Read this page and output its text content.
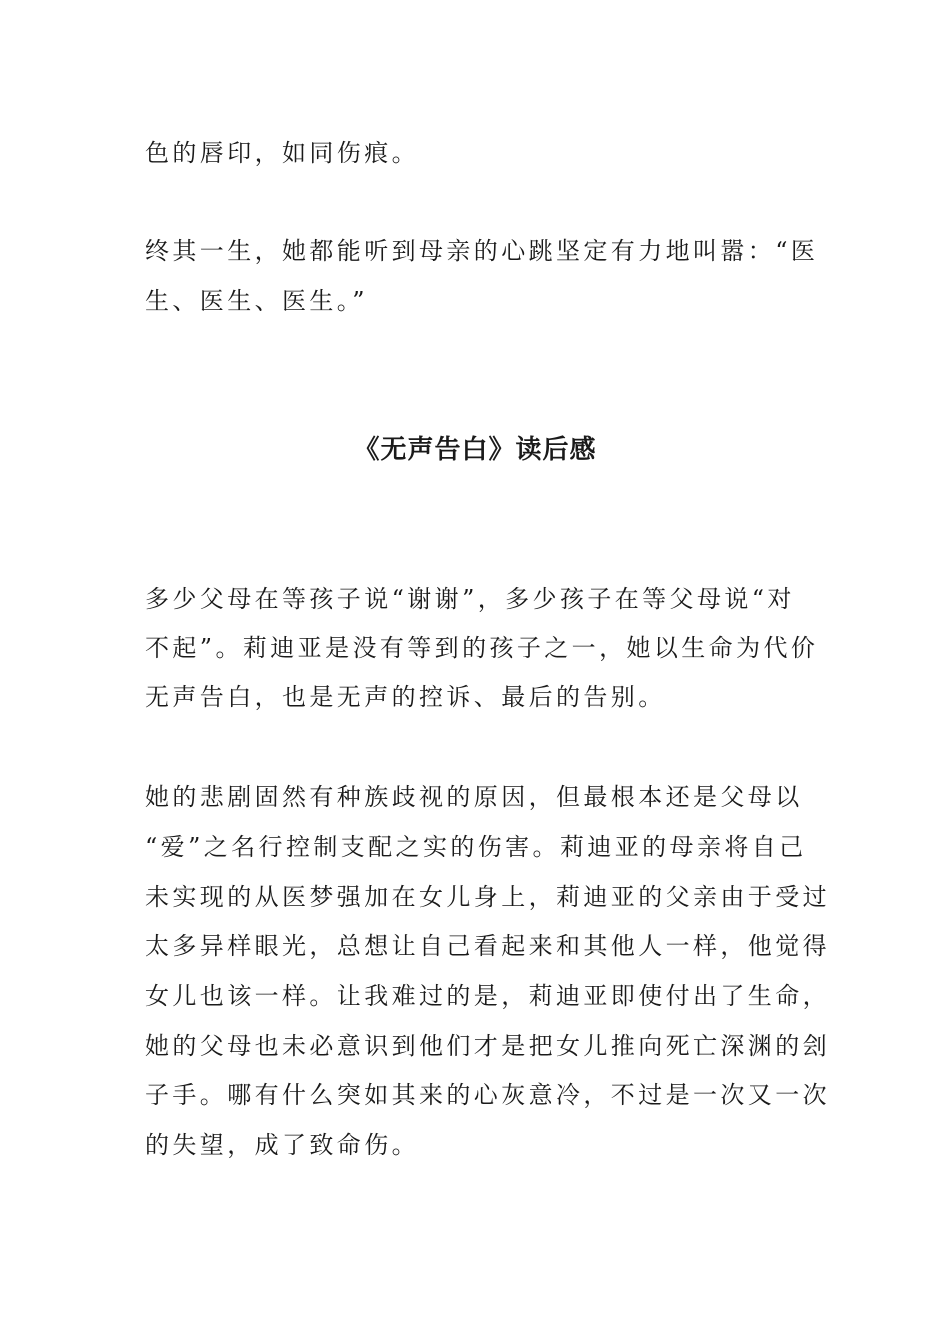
色的唇印，如同伤痕。
终其一生，她都能听到母亲的心跳坚定有力地叫嚣：“医
生、医生、医生。”
《无声告白》读后感
多少父母在等孩子说“谢谢”，多少孩子在等父母说“对
不起”。莉迪亚是没有等到的孩子之一，她以生命为代价
无声告白，也是无声的控诉、最后的告别。
她的悲剧固然有种族歧视的原因，但最根本还是父母以
“爱”之名行控制支配之实的伤害。莉迪亚的母亲将自己
未实现的从医梦强加在女儿身上，莉迪亚的父亲由于受过
太多异样眼光，总想让自己看起来和其他人一样，他觉得
女儿也该一样。让我难过的是，莉迪亚即使付出了生命，
她的父母也未必意识到他们才是把女儿推向死亡深渊的刽
子手。哪有什么突如其来的心灰意冷，不过是一次又一次
的失望，成了致命伤。
